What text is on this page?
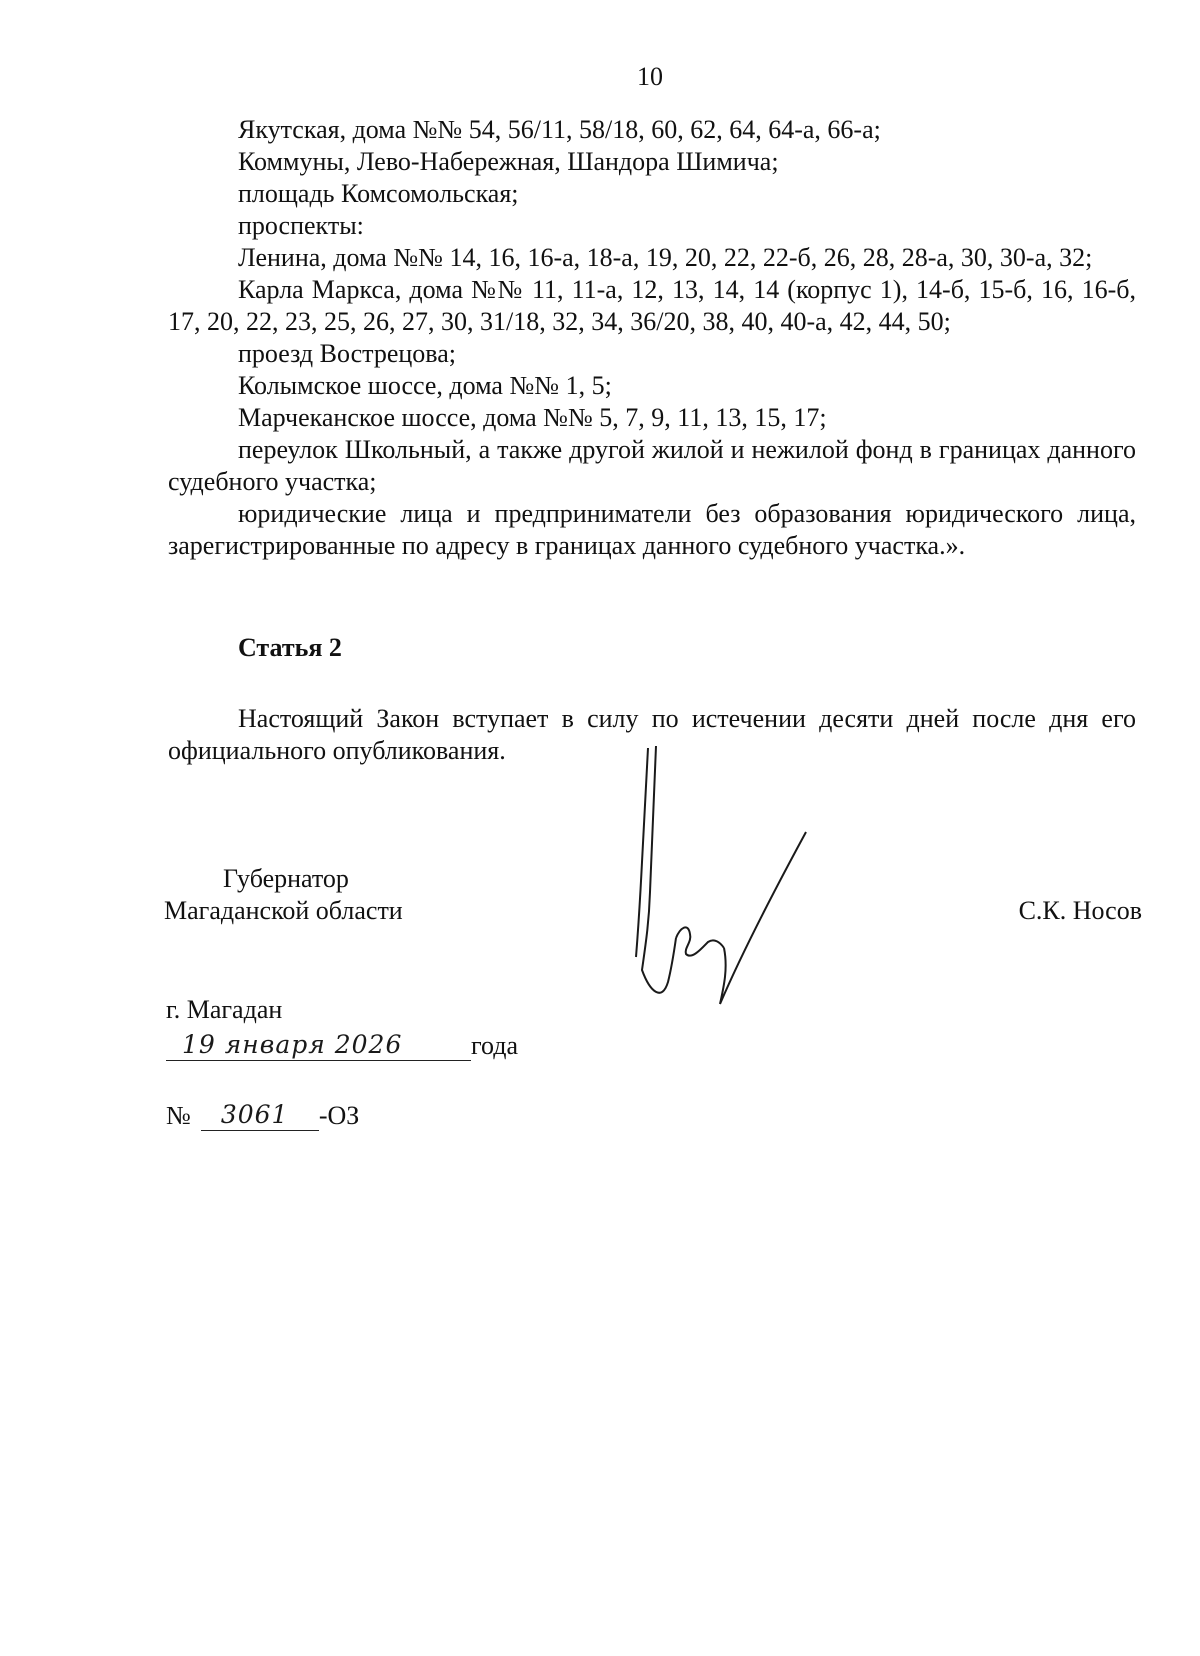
10

Якутская, дома №№ 54, 56/11, 58/18, 60, 62, 64, 64-а, 66-а;

Коммуны, Лево-Набережная, Шандора Шимича;

площадь Комсомольская;

проспекты:

Ленина, дома №№ 14, 16, 16-а, 18-а, 19, 20, 22, 22-б, 26, 28, 28-а, 30, 30-а, 32;

Карла Маркса, дома №№ 11, 11-а, 12, 13, 14, 14 (корпус 1), 14-б, 15-б, 16, 16-б, 17, 20, 22, 23, 25, 26, 27, 30, 31/18, 32, 34, 36/20, 38, 40, 40-а, 42, 44, 50;

проезд Вострецова;

Колымское шоссе, дома №№ 1, 5;

Марчеканское шоссе, дома №№ 5, 7, 9, 11, 13, 15, 17;

переулок Школьный, а также другой жилой и нежилой фонд в границах данного судебного участка;

юридические лица и предприниматели без образования юридического лица, зарегистрированные по адресу в границах данного судебного участка.».

Статья 2
Настоящий Закон вступает в силу по истечении десяти дней после дня его официального опубликования.
Губернатор
Магаданской области	С.К. Носов
г. Магадан
19 января 2026	года
№ 3061 -ОЗ
